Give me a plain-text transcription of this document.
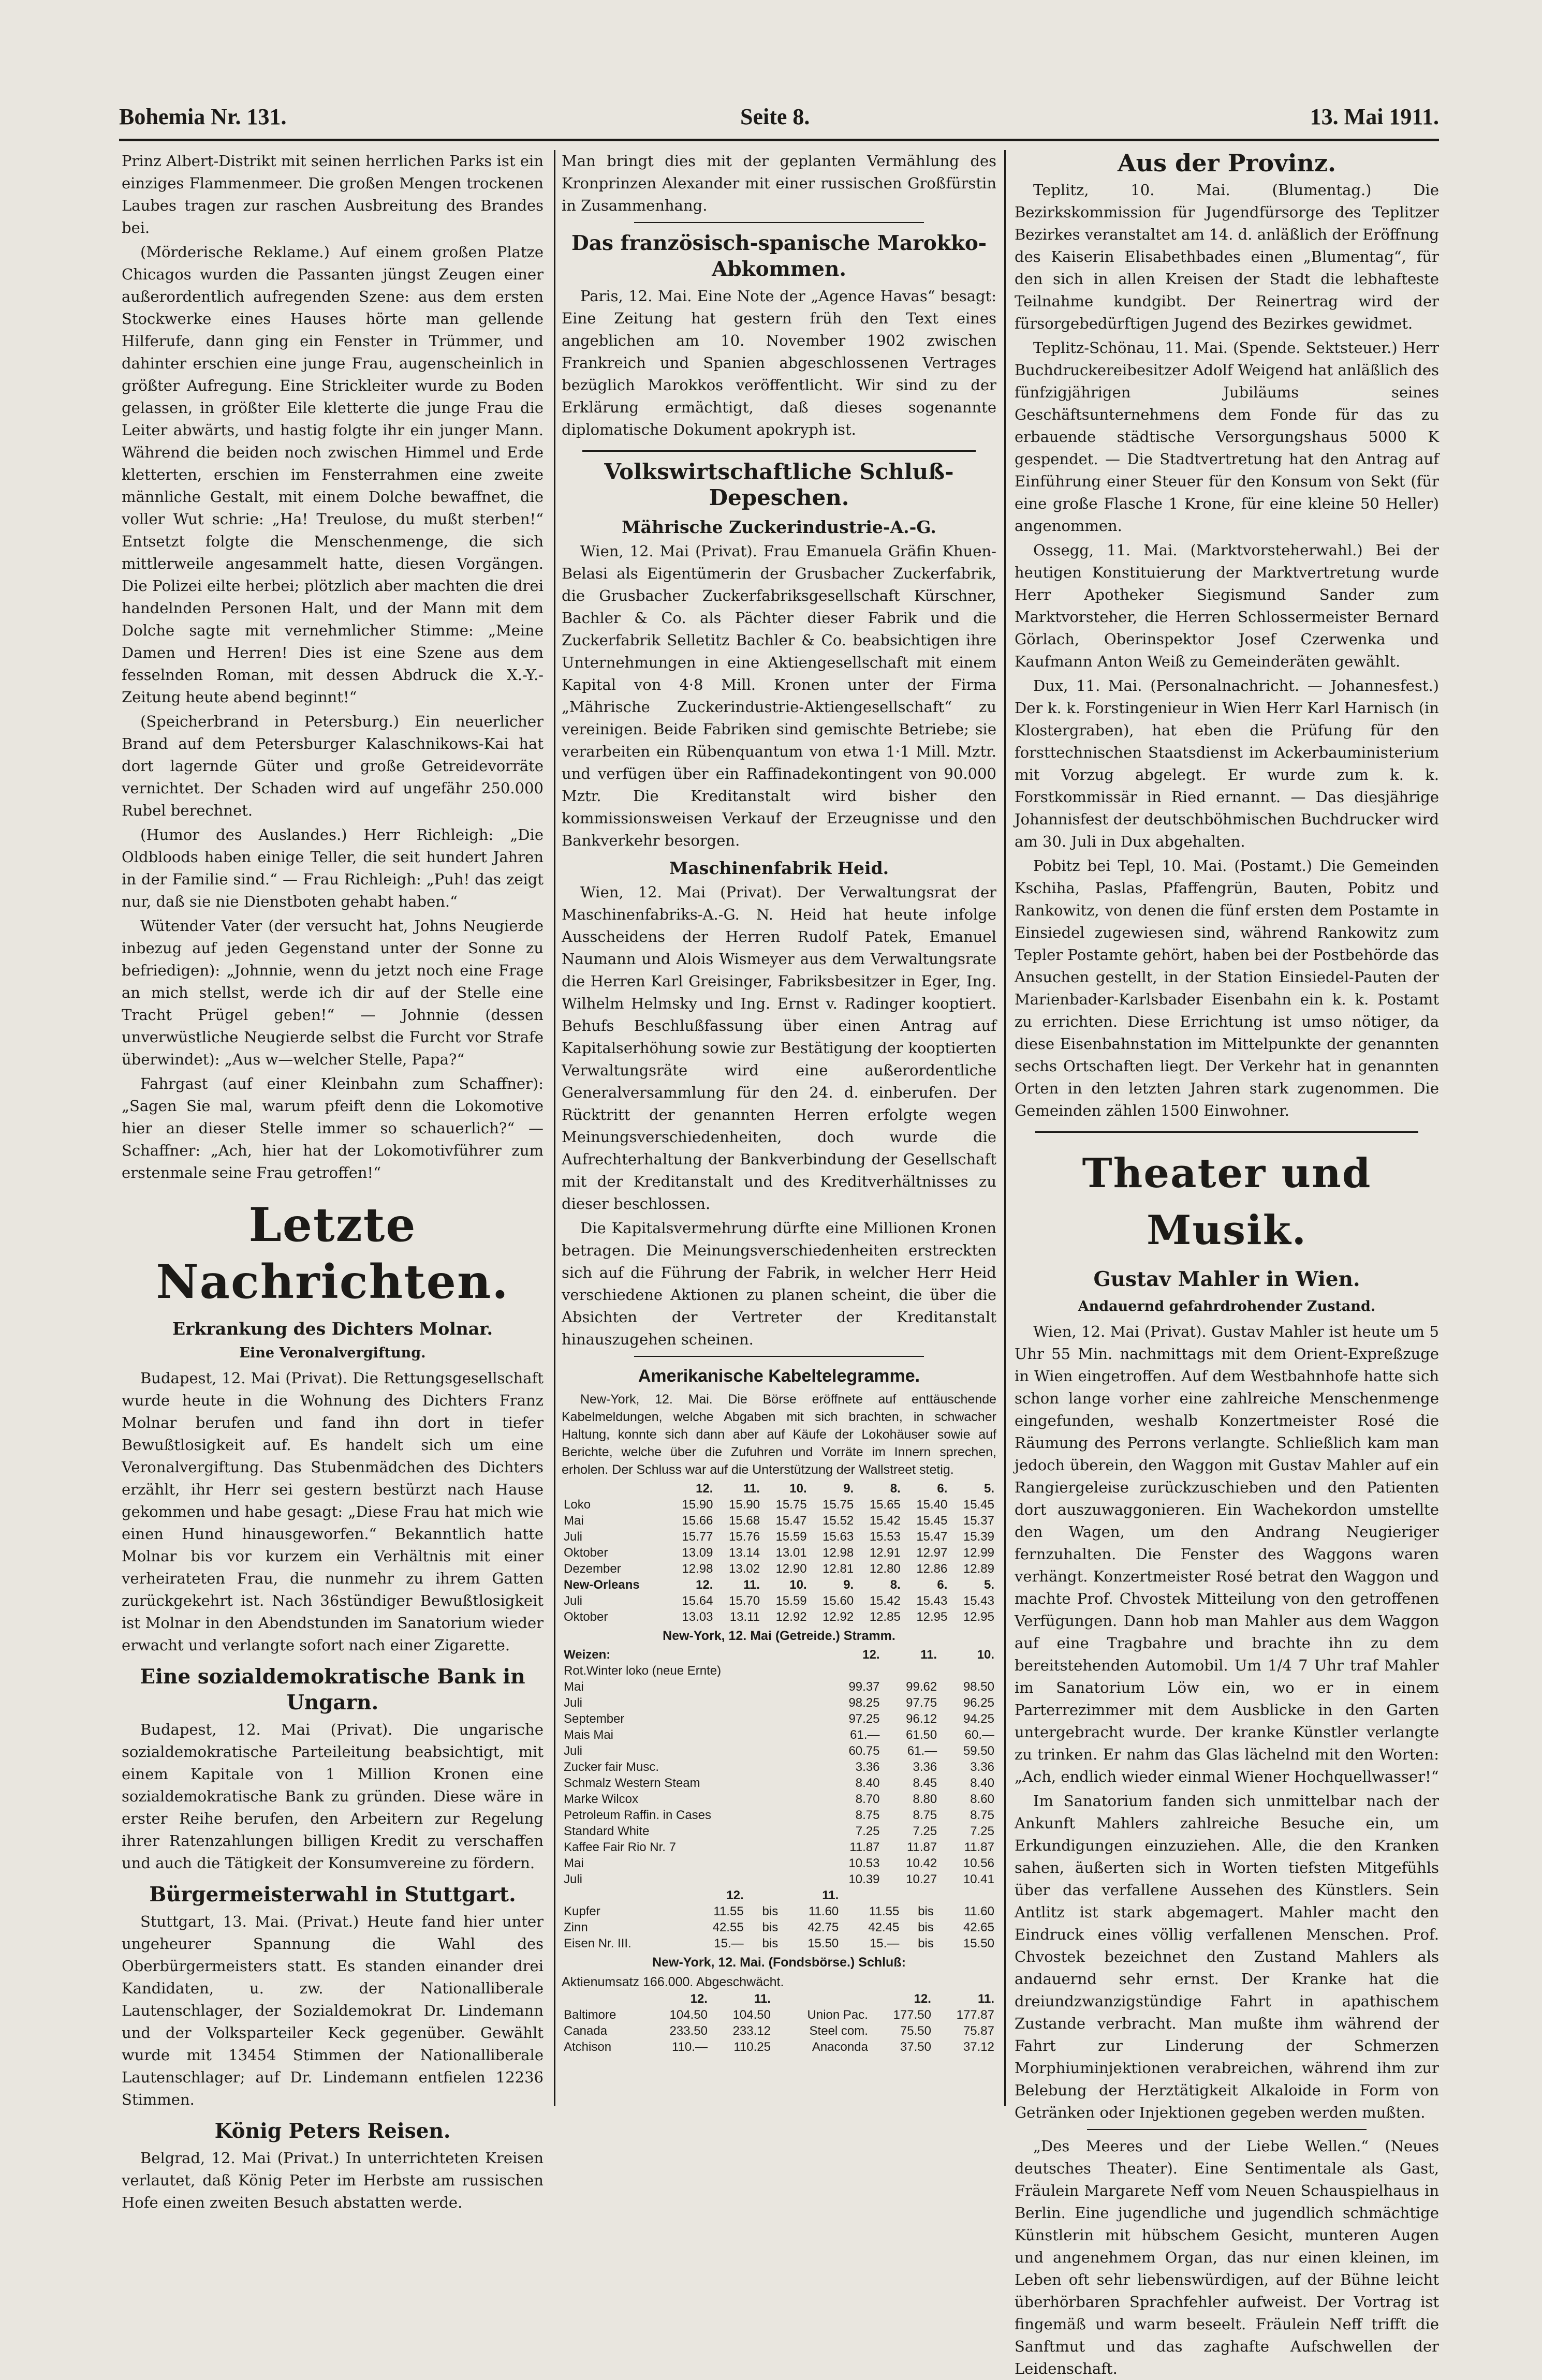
Bohemia Nr. 131.	Seite 8.	13. Mai 1911.

Prinz Albert-Distrikt mit seinen herrlichen Parks ist ein einziges Flammenmeer. Die großen Mengen trockenen Laubes tragen zur raschen Ausbreitung des Brandes bei.

(Mörderische Reklame.) Auf einem großen Platze Chicagos wurden die Passanten jüngst Zeugen einer außerordentlich aufregenden Szene: aus dem ersten Stockwerke eines Hauses hörte man gellende Hilferufe, dann ging ein Fenster in Trümmer, und dahinter erschien eine junge Frau, augenscheinlich in größter Aufregung. Eine Strickleiter wurde zu Boden gelassen, in größter Eile kletterte die junge Frau die Leiter abwärts, und hastig folgte ihr ein junger Mann. Während die beiden noch zwischen Himmel und Erde kletterten, erschien im Fensterrahmen eine zweite männliche Gestalt, mit einem Dolche bewaffnet, die voller Wut schrie: „Ha! Treulose, du mußt sterben!“ Entsetzt folgte die Menschenmenge, die sich mittlerweile angesammelt hatte, diesen Vorgängen. Die Polizei eilte herbei; plötzlich aber machten die drei handelnden Personen Halt, und der Mann mit dem Dolche sagte mit vernehmlicher Stimme: „Meine Damen und Herren! Dies ist eine Szene aus dem fesselnden Roman, mit dessen Abdruck die X.-Y.-Zeitung heute abend beginnt!“

(Speicherbrand in Petersburg.) Ein neuerlicher Brand auf dem Petersburger Kalaschnikows-Kai hat dort lagernde Güter und große Getreidevorräte vernichtet. Der Schaden wird auf ungefähr 250.000 Rubel berechnet.

(Humor des Auslandes.) Herr Richleigh: „Die Oldbloods haben einige Teller, die seit hundert Jahren in der Familie sind.“ — Frau Richleigh: „Puh! das zeigt nur, daß sie nie Dienstboten gehabt haben.“

Wütender Vater (der versucht hat, Johns Neugierde inbezug auf jeden Gegenstand unter der Sonne zu befriedigen): „Johnnie, wenn du jetzt noch eine Frage an mich stellst, werde ich dir auf der Stelle eine Tracht Prügel geben!“ — Johnnie (dessen unverwüstliche Neugierde selbst die Furcht vor Strafe überwindet): „Aus w—welcher Stelle, Papa?“

Fahrgast (auf einer Kleinbahn zum Schaffner): „Sagen Sie mal, warum pfeift denn die Lokomotive hier an dieser Stelle immer so schauerlich?“ — Schaffner: „Ach, hier hat der Lokomotivführer zum erstenmale seine Frau getroffen!“

Letzte Nachrichten.
Erkrankung des Dichters Molnar.
Eine Veronalvergiftung.

Budapest, 12. Mai (Privat). Die Rettungsgesellschaft wurde heute in die Wohnung des Dichters Franz Molnar berufen und fand ihn dort in tiefer Bewußtlosigkeit auf. Es handelt sich um eine Veronalvergiftung. Das Stubenmädchen des Dichters erzählt, ihr Herr sei gestern bestürzt nach Hause gekommen und habe gesagt: „Diese Frau hat mich wie einen Hund hinausgeworfen.“ Bekanntlich hatte Molnar bis vor kurzem ein Verhältnis mit einer verheirateten Frau, die nunmehr zu ihrem Gatten zurückgekehrt ist. Nach 36stündiger Bewußtlosigkeit ist Molnar in den Abendstunden im Sanatorium wieder erwacht und verlangte sofort nach einer Zigarette.

Eine sozialdemokratische Bank in Ungarn.

Budapest, 12. Mai (Privat). Die ungarische sozialdemokratische Parteileitung beabsichtigt, mit einem Kapitale von 1 Million Kronen eine sozialdemokratische Bank zu gründen. Diese wäre in erster Reihe berufen, den Arbeitern zur Regelung ihrer Ratenzahlungen billigen Kredit zu verschaffen und auch die Tätigkeit der Konsumvereine zu fördern.

Bürgermeisterwahl in Stuttgart.

Stuttgart, 13. Mai. (Privat.) Heute fand hier unter ungeheurer Spannung die Wahl des Oberbürgermeisters statt. Es standen einander drei Kandidaten, u. zw. der Nationalliberale Lautenschlager, der Sozialdemokrat Dr. Lindemann und der Volksparteiler Keck gegenüber. Gewählt wurde mit 13454 Stimmen der Nationalliberale Lautenschlager; auf Dr. Lindemann entfielen 12236 Stimmen.

König Peters Reisen.

Belgrad, 12. Mai (Privat.) In unterrichteten Kreisen verlautet, daß König Peter im Herbste am russischen Hofe einen zweiten Besuch abstatten werde.

Man bringt dies mit der geplanten Vermählung des Kronprinzen Alexander mit einer russischen Großfürstin in Zusammenhang.

Das französisch-spanische Marokko-Abkommen.

Paris, 12. Mai. Eine Note der „Agence Havas“ besagt: Eine Zeitung hat gestern früh den Text eines angeblichen am 10. November 1902 zwischen Frankreich und Spanien abgeschlossenen Vertrages bezüglich Marokkos veröffentlicht. Wir sind zu der Erklärung ermächtigt, daß dieses sogenannte diplomatische Dokument apokryph ist.

Volkswirtschaftliche Schluß-Depeschen.
Mährische Zuckerindustrie-A.-G.

Wien, 12. Mai (Privat). Frau Emanuela Gräfin Khuen-Belasi als Eigentümerin der Grusbacher Zuckerfabrik, die Grusbacher Zuckerfabriksgesellschaft Kürschner, Bachler & Co. als Pächter dieser Fabrik und die Zuckerfabrik Selletitz Bachler & Co. beabsichtigen ihre Unternehmungen in eine Aktiengesellschaft mit einem Kapital von 4·8 Mill. Kronen unter der Firma „Mährische Zuckerindustrie-Aktiengesellschaft“ zu vereinigen. Beide Fabriken sind gemischte Betriebe; sie verarbeiten ein Rübenquantum von etwa 1·1 Mill. Mztr. und verfügen über ein Raffinadekontingent von 90.000 Mztr. Die Kreditanstalt wird bisher den kommissionsweisen Verkauf der Erzeugnisse und den Bankverkehr besorgen.

Maschinenfabrik Heid.

Wien, 12. Mai (Privat). Der Verwaltungsrat der Maschinenfabriks-A.-G. N. Heid hat heute infolge Ausscheidens der Herren Rudolf Patek, Emanuel Naumann und Alois Wismeyer aus dem Verwaltungsrate die Herren Karl Greisinger, Fabriksbesitzer in Eger, Ing. Wilhelm Helmsky und Ing. Ernst v. Radinger kooptiert. Behufs Beschlußfassung über einen Antrag auf Kapitalserhöhung sowie zur Bestätigung der kooptierten Verwaltungsräte wird eine außerordentliche Generalversammlung für den 24. d. einberufen. Der Rücktritt der genannten Herren erfolgte wegen Meinungsverschiedenheiten, doch wurde die Aufrechterhaltung der Bankverbindung der Gesellschaft mit der Kreditanstalt und des Kreditverhältnisses zu dieser beschlossen.

Die Kapitalsvermehrung dürfte eine Millionen Kronen betragen. Die Meinungsverschiedenheiten erstreckten sich auf die Führung der Fabrik, in welcher Herr Heid verschiedene Aktionen zu planen scheint, die über die Absichten der Vertreter der Kreditanstalt hinauszugehen scheinen.

Amerikanische Kabeltelegramme.

New-York, 12. Mai. Die Börse eröffnete auf enttäuschende Kabelmeldungen, welche Abgaben mit sich brachten, in schwacher Haltung, konnte sich dann aber auf Käufe der Lokohäuser sowie auf Berichte, welche über die Zufuhren und Vorräte im Innern sprechen, erholen. Der Schluss war auf die Unterstützung der Wallstreet stetig.

	12.	11.	10.	9.	8.	6.	5.
Loko	15.90	15.90	15.75	15.75	15.65	15.40	15.45
Mai	15.66	15.68	15.47	15.52	15.42	15.45	15.37
Juli	15.77	15.76	15.59	15.63	15.53	15.47	15.39
Oktober	13.09	13.14	13.01	12.98	12.91	12.97	12.99
Dezember	12.98	13.02	12.90	12.81	12.80	12.86	12.89
New-Orleans	12.	11.	10.	9.	8.	6.	5.
Juli	15.64	15.70	15.59	15.60	15.42	15.43	15.43
Oktober	13.03	13.11	12.92	12.92	12.85	12.95	12.95
New-York, 12. Mai (Getreide.) Stramm.
Weizen:	12.	11.	10.
Rot.Winter loko (neue Ernte)			
Mai	99.37	99.62	98.50
Juli	98.25	97.75	96.25
September	97.25	96.12	94.25
Mais Mai	61.—	61.50	60.—
Juli	60.75	61.—	59.50
Zucker fair Musc.	3.36	3.36	3.36
Schmalz Western Steam	8.40	8.45	8.40
Marke Wilcox	8.70	8.80	8.60
Petroleum Raffin. in Cases	8.75	8.75	8.75
Standard White	7.25	7.25	7.25
Kaffee Fair Rio Nr. 7	11.87	11.87	11.87
Mai	10.53	10.42	10.56
Juli	10.39	10.27	10.41
	12.		11.			
Kupfer	11.55	bis	11.60	11.55	bis	11.60
Zinn	42.55	bis	42.75	42.45	bis	42.65
Eisen Nr. III.	15.—	bis	15.50	15.—	bis	15.50
New-York, 12. Mai. (Fondsbörse.) Schluß:
Aktienumsatz 166.000. Abgeschwächt.
	12.	11.		12.	11.
Baltimore	104.50	104.50	Union Pac.	177.50	177.87
Canada	233.50	233.12	Steel com.	75.50	75.87
Atchison	110.—	110.25	Anaconda	37.50	37.12
Aus der Provinz.

Teplitz, 10. Mai. (Blumentag.) Die Bezirkskommission für Jugendfürsorge des Teplitzer Bezirkes veranstaltet am 14. d. anläßlich der Eröffnung des Kaiserin Elisabethbades einen „Blumentag“, für den sich in allen Kreisen der Stadt die lebhafteste Teilnahme kundgibt. Der Reinertrag wird der fürsorgebedürftigen Jugend des Bezirkes gewidmet.

Teplitz-Schönau, 11. Mai. (Spende. Sektsteuer.) Herr Buchdruckereibesitzer Adolf Weigend hat anläßlich des fünfzigjährigen Jubiläums seines Geschäftsunternehmens dem Fonde für das zu erbauende städtische Versorgungshaus 5000 K gespendet. — Die Stadtvertretung hat den Antrag auf Einführung einer Steuer für den Konsum von Sekt (für eine große Flasche 1 Krone, für eine kleine 50 Heller) angenommen.

Ossegg, 11. Mai. (Marktvorsteherwahl.) Bei der heutigen Konstituierung der Marktvertretung wurde Herr Apotheker Siegismund Sander zum Marktvorsteher, die Herren Schlossermeister Bernard Görlach, Oberinspektor Josef Czerwenka und Kaufmann Anton Weiß zu Gemeinderäten gewählt.

Dux, 11. Mai. (Personalnachricht. — Johannesfest.) Der k. k. Forstingenieur in Wien Herr Karl Harnisch (in Klostergraben), hat eben die Prüfung für den forsttechnischen Staatsdienst im Ackerbauministerium mit Vorzug abgelegt. Er wurde zum k. k. Forstkommissär in Ried ernannt. — Das diesjährige Johannisfest der deutschböhmischen Buchdrucker wird am 30. Juli in Dux abgehalten.

Pobitz bei Tepl, 10. Mai. (Postamt.) Die Gemeinden Kschiha, Paslas, Pfaffengrün, Bauten, Pobitz und Rankowitz, von denen die fünf ersten dem Postamte in Einsiedel zugewiesen sind, während Rankowitz zum Tepler Postamte gehört, haben bei der Postbehörde das Ansuchen gestellt, in der Station Einsiedel-Pauten der Marienbader-Karlsbader Eisenbahn ein k. k. Postamt zu errichten. Diese Errichtung ist umso nötiger, da diese Eisenbahnstation im Mittelpunkte der genannten sechs Ortschaften liegt. Der Verkehr hat in genannten Orten in den letzten Jahren stark zugenommen. Die Gemeinden zählen 1500 Einwohner.

Theater und Musik.
Gustav Mahler in Wien.
Andauernd gefahrdrohender Zustand.

Wien, 12. Mai (Privat). Gustav Mahler ist heute um 5 Uhr 55 Min. nachmittags mit dem Orient-Expreßzuge in Wien eingetroffen. Auf dem Westbahnhofe hatte sich schon lange vorher eine zahlreiche Menschenmenge eingefunden, weshalb Konzertmeister Rosé die Räumung des Perrons verlangte. Schließlich kam man jedoch überein, den Waggon mit Gustav Mahler auf ein Rangiergeleise zurückzuschieben und den Patienten dort auszuwaggonieren. Ein Wachekordon umstellte den Wagen, um den Andrang Neugieriger fernzuhalten. Die Fenster des Waggons waren verhängt. Konzertmeister Rosé betrat den Waggon und machte Prof. Chvostek Mitteilung von den getroffenen Verfügungen. Dann hob man Mahler aus dem Waggon auf eine Tragbahre und brachte ihn zu dem bereitstehenden Automobil. Um 1/4 7 Uhr traf Mahler im Sanatorium Löw ein, wo er in einem Parterrezimmer mit dem Ausblicke in den Garten untergebracht wurde. Der kranke Künstler verlangte zu trinken. Er nahm das Glas lächelnd mit den Worten: „Ach, endlich wieder einmal Wiener Hochquellwasser!“

Im Sanatorium fanden sich unmittelbar nach der Ankunft Mahlers zahlreiche Besuche ein, um Erkundigungen einzuziehen. Alle, die den Kranken sahen, äußerten sich in Worten tiefsten Mitgefühls über das verfallene Aussehen des Künstlers. Sein Antlitz ist stark abgemagert. Mahler macht den Eindruck eines völlig verfallenen Menschen. Prof. Chvostek bezeichnet den Zustand Mahlers als andauernd sehr ernst. Der Kranke hat die dreiundzwanzigstündige Fahrt in apathischem Zustande verbracht. Man mußte ihm während der Fahrt zur Linderung der Schmerzen Morphiuminjektionen verabreichen, während ihm zur Belebung der Herztätigkeit Alkaloide in Form von Getränken oder Injektionen gegeben werden mußten.

„Des Meeres und der Liebe Wellen.“ (Neues deutsches Theater). Eine Sentimentale als Gast, Fräulein Margarete Neff vom Neuen Schauspielhaus in Berlin. Eine jugendliche und jugendlich schmächtige Künstlerin mit hübschem Gesicht, munteren Augen und angenehmem Organ, das nur einen kleinen, im Leben oft sehr liebenswürdigen, auf der Bühne leicht überhörbaren Sprachfehler aufweist. Der Vortrag ist fingemäß und warm beseelt. Fräulein Neff trifft die Sanftmut und das zaghafte Aufschwellen der Leidenschaft.
